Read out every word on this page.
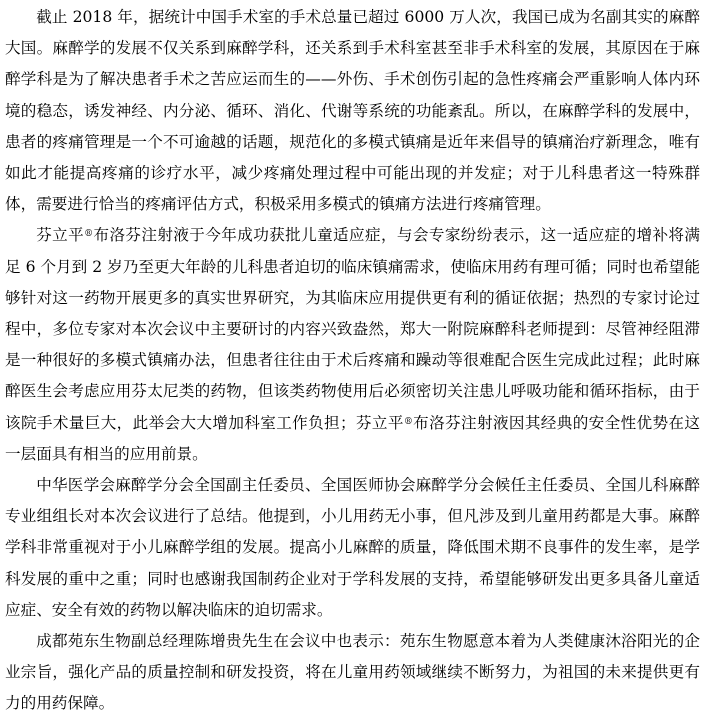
截止 2018 年，据统计中国手术室的手术总量已超过 6000 万人次，我国已成为名副其实的麻醉大国。麻醉学的发展不仅关系到麻醉学科，还关系到手术科室甚至非手术科室的发展，其原因在于麻醉学科是为了解决患者手术之苦应运而生的——外伤、手术创伤引起的急性疼痛会严重影响人体内环境的稳态，诱发神经、内分泌、循环、消化、代谢等系统的功能紊乱。所以，在麻醉学科的发展中，患者的疼痛管理是一个不可逾越的话题，规范化的多模式镇痛是近年来倡导的镇痛治疗新理念，唯有如此才能提高疼痛的诊疗水平，减少疼痛处理过程中可能出现的并发症；对于儿科患者这一特殊群体，需要进行恰当的疼痛评估方式，积极采用多模式的镇痛方法进行疼痛管理。

芬立平®布洛芬注射液于今年成功获批儿童适应症，与会专家纷纷表示，这一适应症的增补将满足 6 个月到 2 岁乃至更大年龄的儿科患者迫切的临床镇痛需求，使临床用药有理可循；同时也希望能够针对这一药物开展更多的真实世界研究，为其临床应用提供更有利的循证依据；热烈的专家讨论过程中，多位专家对本次会议中主要研讨的内容兴致盎然，郑大一附院麻醉科老师提到：尽管神经阻滞是一种很好的多模式镇痛办法，但患者往往由于术后疼痛和躁动等很难配合医生完成此过程；此时麻醉医生会考虑应用芬太尼类的药物，但该类药物使用后必须密切关注患儿呼吸功能和循环指标，由于该院手术量巨大，此举会大大增加科室工作负担；芬立平®布洛芬注射液因其经典的安全性优势在这一层面具有相当的应用前景。

中华医学会麻醉学分会全国副主任委员、全国医师协会麻醉学分会候任主任委员、全国儿科麻醉专业组组长对本次会议进行了总结。他提到，小儿用药无小事，但凡涉及到儿童用药都是大事。麻醉学科非常重视对于小儿麻醉学组的发展。提高小儿麻醉的质量，降低围术期不良事件的发生率，是学科发展的重中之重；同时也感谢我国制药企业对于学科发展的支持，希望能够研发出更多具备儿童适应症、安全有效的药物以解决临床的迫切需求。

成都苑东生物副总经理陈增贵先生在会议中也表示：苑东生物愿意本着为人类健康沐浴阳光的企业宗旨，强化产品的质量控制和研发投资，将在儿童用药领域继续不断努力，为祖国的未来提供更有力的用药保障。
